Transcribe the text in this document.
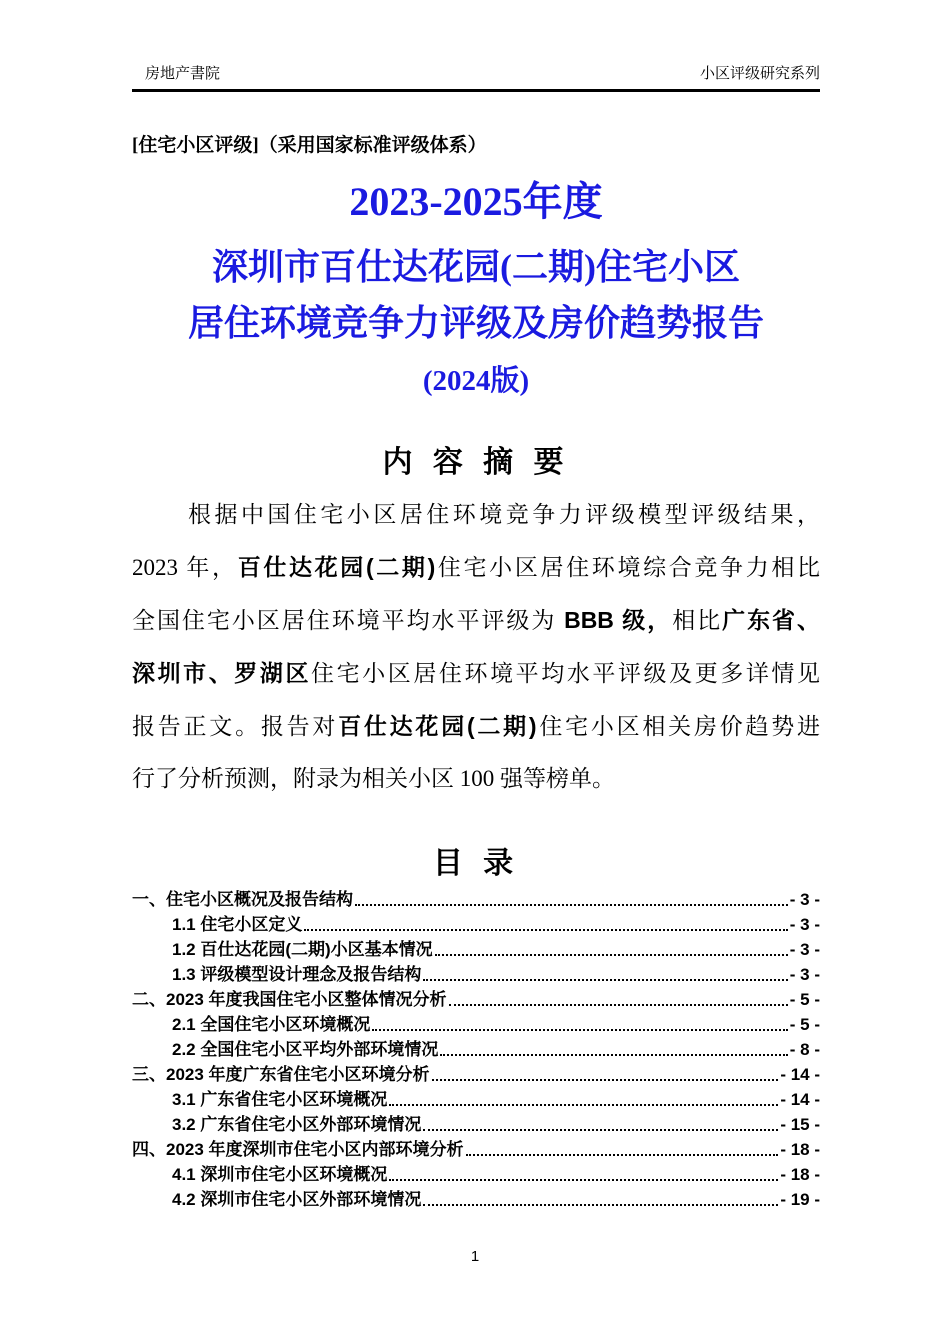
房地产書院	小区评级研究系列
[住宅小区评级]（采用国家标准评级体系）
2023-2025年度
深圳市百仕达花园(二期)住宅小区
居住环境竞争力评级及房价趋势报告
(2024版)
内 容 摘 要
根据中国住宅小区居住环境竞争力评级模型评级结果，
2023 年，百仕达花园(二期)住宅小区居住环境综合竞争力相比
全国住宅小区居住环境平均水平评级为 BBB 级，相比广东省、
深圳市、罗湖区住宅小区居住环境平均水平评级及更多详情见
报告正文。报告对百仕达花园(二期)住宅小区相关房价趋势进
行了分析预测，附录为相关小区 100 强等榜单。
目 录
一、住宅小区概况及报告结构	- 3 -
1.1 住宅小区定义	- 3 -
1.2 百仕达花园(二期)小区基本情况	- 3 -
1.3 评级模型设计理念及报告结构	- 3 -
二、2023 年度我国住宅小区整体情况分析	- 5 -
2.1 全国住宅小区环境概况	- 5 -
2.2 全国住宅小区平均外部环境情况	- 8 -
三、2023 年度广东省住宅小区环境分析	- 14 -
3.1 广东省住宅小区环境概况	- 14 -
3.2 广东省住宅小区外部环境情况	- 15 -
四、2023 年度深圳市住宅小区内部环境分析	- 18 -
4.1 深圳市住宅小区环境概况	- 18 -
4.2 深圳市住宅小区外部环境情况	- 19 -
1
